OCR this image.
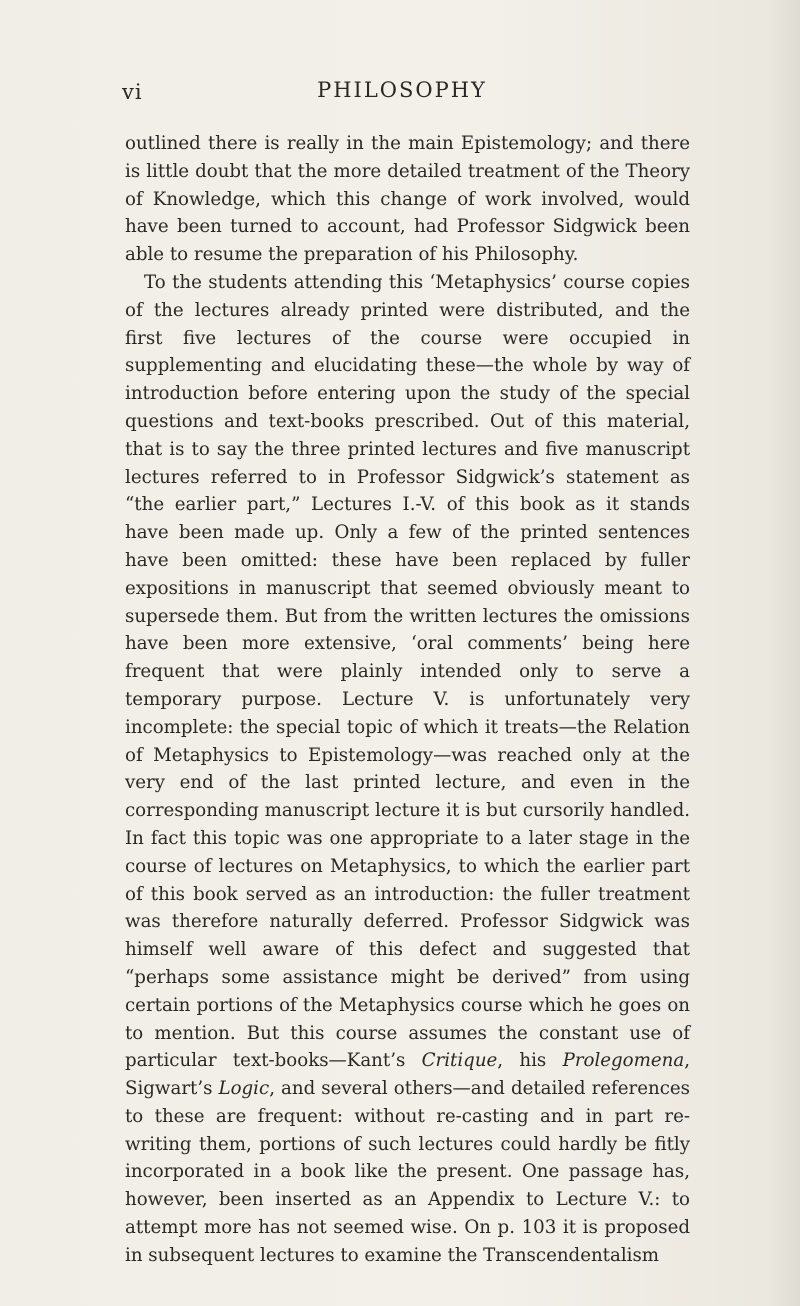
vi	PHILOSOPHY

outlined there is really in the main Epistemology; and there is little doubt that the more detailed treatment of the Theory of Knowledge, which this change of work involved, would have been turned to account, had Professor Sidgwick been able to resume the preparation of his Philosophy.

To the students attending this ‘Metaphysics’ course copies of the lectures already printed were distributed, and the first five lectures of the course were occupied in supplementing and elucidating these—the whole by way of introduction before entering upon the study of the special questions and text-books prescribed. Out of this material, that is to say the three printed lectures and five manuscript lectures referred to in Professor Sidgwick’s statement as “the earlier part,” Lectures I.-V. of this book as it stands have been made up. Only a few of the printed sentences have been omitted: these have been replaced by fuller expositions in manuscript that seemed obviously meant to supersede them. But from the written lectures the omissions have been more extensive, ‘oral comments’ being here frequent that were plainly intended only to serve a temporary purpose. Lecture V. is unfortunately very incomplete: the special topic of which it treats—the Relation of Metaphysics to Epistemology—was reached only at the very end of the last printed lecture, and even in the corresponding manuscript lecture it is but cursorily handled. In fact this topic was one appropriate to a later stage in the course of lectures on Metaphysics, to which the earlier part of this book served as an introduction: the fuller treatment was therefore naturally deferred. Professor Sidgwick was himself well aware of this defect and suggested that “perhaps some assistance might be derived” from using certain portions of the Metaphysics course which he goes on to mention. But this course assumes the constant use of particular text-books—Kant’s Critique, his Prolegomena, Sigwart’s Logic, and several others—and detailed references to these are frequent: without re-casting and in part re-writing them, portions of such lectures could hardly be fitly incorporated in a book like the present. One passage has, however, been inserted as an Appendix to Lecture V.: to attempt more has not seemed wise. On p. 103 it is proposed in subsequent lectures to examine the Transcendentalism
